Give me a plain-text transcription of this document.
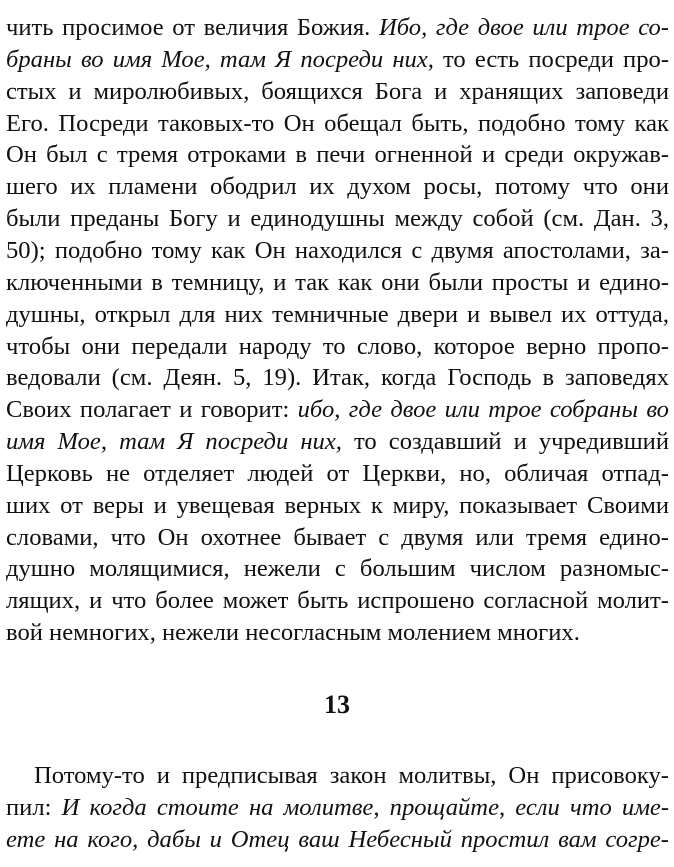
чить просимое от величия Божия. Ибо, где двое или трое со-
браны во имя Мое, там Я посреди них, то есть посреди про-
стых и миролюбивых, боящихся Бога и хранящих заповеди
Его. Посреди таковых-то Он обещал быть, подобно тому как
Он был с тремя отроками в печи огненной и среди окружав-
шего их пламени ободрил их духом росы, потому что они
были преданы Богу и единодушны между собой (см. Дан. 3,
50); подобно тому как Он находился с двумя апостолами, за-
ключенными в темницу, и так как они были просты и едино-
душны, открыл для них темничные двери и вывел их оттуда,
чтобы они передали народу то слово, которое верно пропо-
ведовали (см. Деян. 5, 19). Итак, когда Господь в заповедях
Своих полагает и говорит: ибо, где двое или трое собраны во
имя Мое, там Я посреди них, то создавший и учредивший
Церковь не отделяет людей от Церкви, но, обличая отпад-
ших от веры и увещевая верных к миру, показывает Своими
словами, что Он охотнее бывает с двумя или тремя едино-
душно молящимися, нежели с большим числом разномыс-
лящих, и что более может быть испрошено согласной молит-
вой немногих, нежели несогласным молением многих.
13
Потому-то и предписывая закон молитвы, Он присовоку-
пил: И когда стоите на молитве, прощайте, если что име-
ете на кого, дабы и Отец ваш Небесный простил вам согре-
